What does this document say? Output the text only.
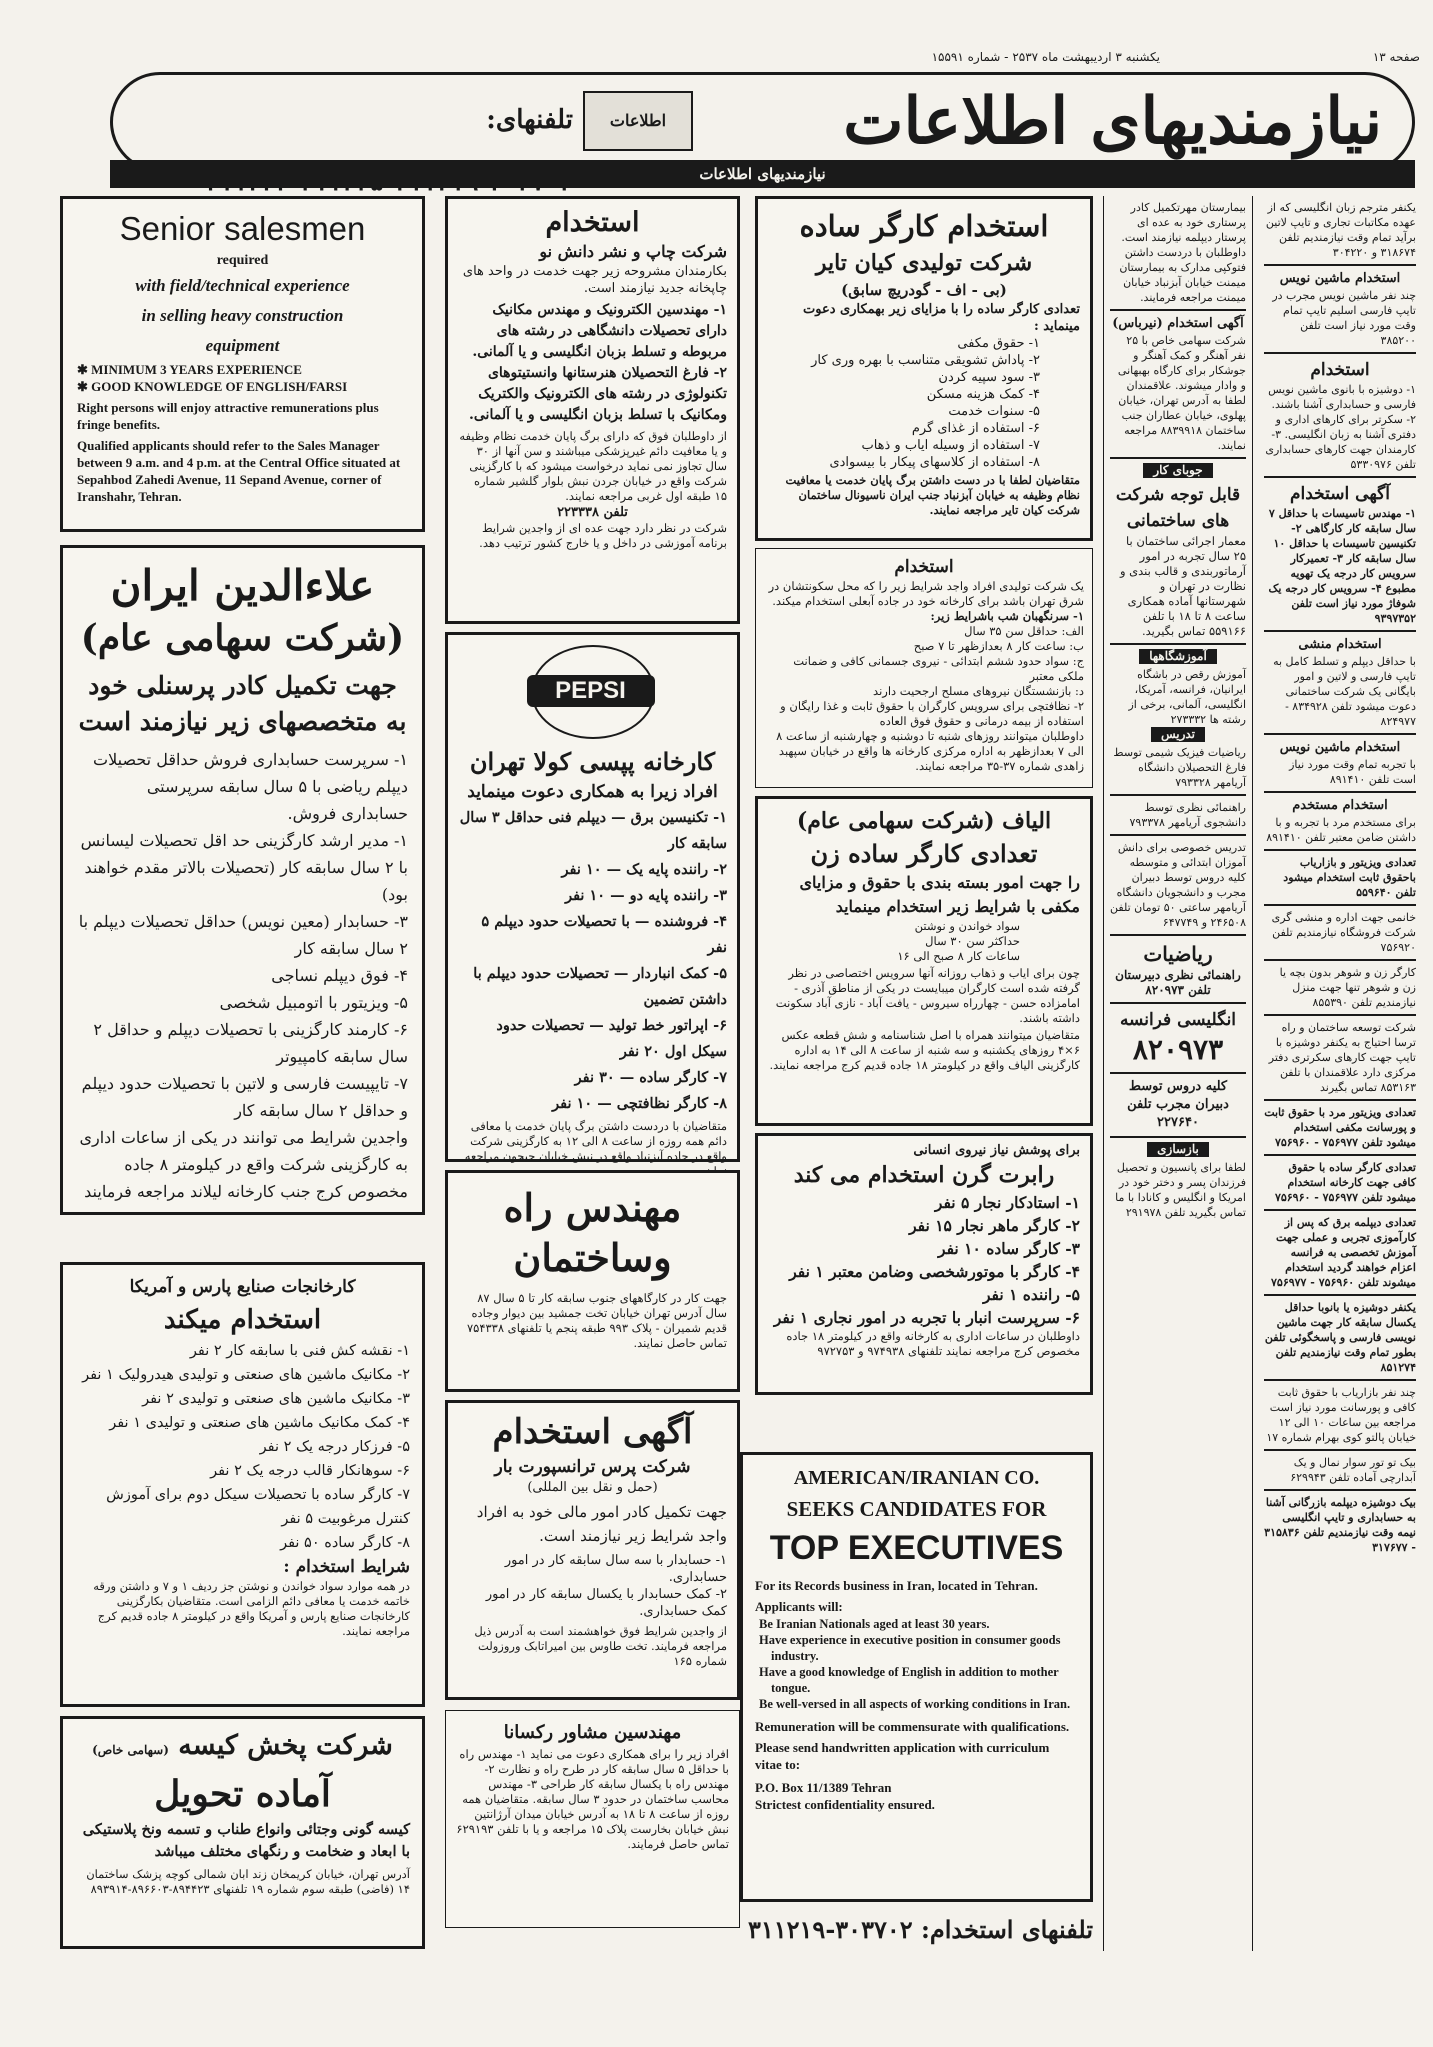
صفحه ۱۳
یکشنبه ۳ اردیبهشت ماه ۲۵۳۷ - شماره ۱۵۵۹۱
نیازمندیهای اطلاعات
اطلاعات
تلفنهای:
نیازمندیهای اطلاعات

Senior salesmen

required

with field/technical experience

in selling heavy construction

equipment

✱ MINIMUM 3 YEARS EXPERIENCE

✱ GOOD KNOWLEDGE OF ENGLISH/FARSI

Right persons will enjoy attractive remunerations plus fringe benefits.

Qualified applicants should refer to the Sales Manager between 9 a.m. and 4 p.m. at the Central Office situated at Sepahbod Zahedi Avenue, 11 Sepand Avenue, corner of Iranshahr, Tehran.

علاءالدین ایران

(شرکت سهامی عام)

جهت تکمیل کادر پرسنلی خود

به متخصصهای زیر نیازمند است

۱- سرپرست حسابداری فروش حداقل تحصیلات دیپلم ریاضی با ۵ سال سابقه سرپرستی حسابداری فروش.

۱- مدیر ارشد کارگزینی حد اقل تحصیلات لیسانس با ۲ سال سابقه کار (تحصیلات بالاتر مقدم خواهند بود)

۳- حسابدار (معین نویس) حداقل تحصیلات دیپلم با ۲ سال سابقه کار

۴- فوق دیپلم نساجی

۵- ویزیتور با اتومبیل شخصی

۶- کارمند کارگزینی با تحصیلات دیپلم و حداقل ۲ سال سابقه کامپیوتر

۷- تایپیست فارسی و لاتین با تحصیلات حدود دیپلم و حداقل ۲ سال سابقه کار

واجدین شرایط می توانند در یکی از ساعات اداری به کارگزینی شرکت واقع در کیلومتر ۸ جاده مخصوص کرج جنب کارخانه لیلاند مراجعه فرمایند

کارخانجات صنایع پارس و آمریکا

استخدام میکند

۱- نقشه کش فنی با سابقه کار ۲ نفر

۲- مکانیک ماشین های صنعتی و تولیدی هیدرولیک ۱ نفر

۳- مکانیک ماشین های صنعتی و تولیدی ۲ نفر

۴- کمک مکانیک ماشین های صنعتی و تولیدی ۱ نفر

۵- فرزکار درجه یک ۲ نفر

۶- سوهانکار قالب درجه یک ۲ نفر

۷- کارگر ساده با تحصیلات سیکل دوم برای آموزش کنترل مرغوبیت ۵ نفر

۸- کارگر ساده ۵۰ نفر

شرایط استخدام :

در همه موارد سواد خواندن و نوشتن جز ردیف ۱ و ۷ و داشتن ورقه خاتمه خدمت یا معافی دائم الزامی است. متقاضیان بکارگزینی کارخانجات صنایع پارس و آمریکا واقع در کیلومتر ۸ جاده قدیم کرج مراجعه نمایند.

شرکت پخش کیسه (سهامی خاص)

آماده تحویل

کیسه گونی وجتائی وانواع طناب و تسمه ونخ پلاستیکی با ابعاد و ضخامت و رنگهای مختلف میباشد

آدرس تهران، خیابان کریمخان زند ابان شمالی کوچه پزشک ساختمان ۱۴ (فاضی) طبقه سوم شماره ۱۹ تلفنهای ۸۹۴۴۲۳-۸۹۶۶۰۳-۸۹۳۹۱۴

استخدام

شرکت چاپ و نشر دانش نو

بکارمندان مشروحه زیر جهت خدمت در واحد های چاپخانه جدید نیازمند است.

۱- مهندسین الکترونیک و مهندس مکانیک دارای تحصیلات دانشگاهی در رشته های مربوطه و تسلط بزبان انگلیسی و یا آلمانی.

۲- فارغ التحصیلان هنرستانها وانستیتوهای تکنولوژی در رشته های الکترونیک والکتریک ومکانیک با تسلط بزبان انگلیسی و یا آلمانی.

از داوطلبان فوق که دارای برگ پایان خدمت نظام وظیفه و یا معافیت دائم غیرپزشکی میباشند و سن آنها از ۳۰ سال تجاوز نمی نماید درخواست میشود که با کارگزینی شرکت واقع در خیابان جردن نبش بلوار گلشیر شماره ۱۵ طبقه اول غربی مراجعه نمایند.

تلفن ۲۲۳۳۳۸

شرکت در نظر دارد جهت عده ای از واجدین شرایط برنامه آموزشی در داخل و یا خارج کشور ترتیب دهد.

PEPSI

کارخانه پپسی کولا تهران

افراد زیرا به همکاری دعوت مینماید

۱- تکنیسین برق — دیپلم فنی حداقل ۳ سال سابقه کار

۲- راننده پایه یک — ۱۰ نفر

۳- راننده پایه دو — ۱۰ نفر

۴- فروشنده — با تحصیلات حدود دیپلم ۵ نفر

۵- کمک انباردار — تحصیلات حدود دیپلم با داشتن تضمین

۶- اپراتور خط تولید — تحصیلات حدود سیکل اول ۲۰ نفر

۷- کارگر ساده — ۳۰ نفر

۸- کارگر نظافتچی — ۱۰ نفر

متقاضیان با دردست داشتن برگ پایان خدمت یا معافی دائم همه روزه از ساعت ۸ الی ۱۲ به کارگزینی شرکت واقع در جاده آبزنباد واقع در نبش خیابان جیحون مراجعه

مهندس راه وساختمان

جهت کار در کارگاههای جنوب سابقه کار تا ۵ سال ۸۷ سال آدرس تهران خیابان تخت جمشید بین دیوار وجاده قدیم شمیران - پلاک ۹۹۳ طبقه پنجم یا تلفنهای ۷۵۴۳۳۸ تماس حاصل نمایند.

آگهی استخدام

شرکت پرس ترانسپورت بار

(حمل و نقل بین المللی)

جهت تکمیل کادر امور مالی خود به افراد واجد شرایط زیر نیازمند است.

۱- حسابدار با سه سال سابقه کار در امور حسابداری.

۲- کمک حسابدار با یکسال سابقه کار در امور کمک حسابداری.

از واجدین شرایط فوق خواهشمند است به آدرس ذیل مراجعه فرمایند. تخت طاوس بین امیراتابک وروزولت شماره ۱۶۵

مهندسین مشاور رکسانا

افراد زیر را برای همکاری دعوت می نماید ۱- مهندس راه با حداقل ۵ سال سابقه کار در طرح راه و نظارت ۲- مهندس راه با یکسال سابقه کار طراحی ۳- مهندس محاسب ساختمان در حدود ۳ سال سابقه. متقاضیان همه روزه از ساعت ۸ تا ۱۸ به آدرس خیابان میدان آرژانتین نبش خیابان بخارست پلاک ۱۵ مراجعه و یا با تلفن ۶۲۹۱۹۳ تماس حاصل فرمایند.

استخدام کارگر ساده

شرکت تولیدی کیان تایر

(بی - اف - گودریچ سابق)

تعدادی کارگر ساده را با مزایای زیر بهمکاری دعوت مینماید :

۱- حقوق مکفی

۲- پاداش تشویقی متناسب با بهره وری کار

۳- سود سپیه کردن

۴- کمک هزینه مسکن

۵- سنوات خدمت

۶- استفاده از غذای گرم

۷- استفاده از وسیله ایاب و ذهاب

۸- استفاده از کلاسهای پیکار با بیسوادی

متقاضیان لطفا با در دست داشتن برگ پایان خدمت یا معافیت نظام وظیفه به خیابان آبزنباد جنب ایران ناسیونال ساختمان شرکت کیان تایر مراجعه نمایند.

استخدام

یک شرکت تولیدی افراد واجد شرایط زیر را که محل سکونتشان در شرق تهران باشد برای کارخانه خود در جاده آبعلی استخدام میکند.

۱- سرنگهبان شب باشرایط زیر:

الف: حداقل سن ۳۵ سال

ب: ساعت کار ۸ بعدازظهر تا ۷ صبح

ج: سواد حدود ششم ابتدائی - نیروی جسمانی کافی و ضمانت ملکی معتبر

د: بازنشستگان نیروهای مسلح ارجحیت دارند

۲- نظافتچی برای سرویس کارگران با حقوق ثابت و غذا رایگان و استفاده از بیمه درمانی و حقوق فوق العاده

داوطلبان میتوانند روزهای شنبه تا دوشنبه و چهارشنبه از ساعت ۸ الی ۷ بعدازظهر به اداره مرکزی کارخانه ها واقع در خیابان سپهبد زاهدی شماره ۳۷-۳۵ مراجعه نمایند.

الیاف (شرکت سهامی عام)

تعدادی کارگر ساده زن

را جهت امور بسته بندی با حقوق و مزایای مکفی با شرایط زیر استخدام مینماید

سواد خواندن و نوشتن

حداکثر سن ۳۰ سال

ساعات کار ۸ صبح الی ۱۶

چون برای ایاب و ذهاب روزانه آنها سرویس اختصاصی در نظر گرفته شده است کارگران میبایست در یکی از مناطق آذری - امامزاده حسن - چهارراه سیروس - یافت آباد - نازی آباد سکونت داشته باشند.

متقاضیان میتوانند همراه با اصل شناسنامه و شش قطعه عکس ۶×۴ روزهای یکشنبه و سه شنبه از ساعت ۸ الی ۱۴ به اداره کارگزینی الیاف واقع در کیلومتر ۱۸ جاده قدیم کرج مراجعه نمایند.

برای پوشش نیاز نیروی انسانی

رابرت گرن استخدام می کند

۱- استادکار نجار ۵ نفر

۲- کارگر ماهر نجار ۱۵ نفر

۳- کارگر ساده ۱۰ نفر

۴- کارگر با موتورشخصی وضامن معتبر ۱ نفر

۵- راننده ۱ نفر

۶- سرپرست انبار با تجربه در امور نجاری ۱ نفر

داوطلبان در ساعات اداری به کارخانه واقع در کیلومتر ۱۸ جاده مخصوص کرج مراجعه نمایند تلفنهای ۹۷۴۹۳۸ و ۹۷۲۷۵۳

AMERICAN/IRANIAN CO.

SEEKS CANDIDATES FOR

TOP EXECUTIVES

For its Records business in Iran, located in Tehran.

Applicants will:

Be Iranian Nationals aged at least 30 years.

Have experience in executive position in consumer goods industry.

Have a good knowledge of English in addition to mother tongue.

Be well-versed in all aspects of working conditions in Iran.

Remuneration will be commensurate with qualifications.

Please send handwritten application with curriculum vitae to:

P.O. Box 11/1389 Tehran

Strictest confidentiality ensured.

تلفنهای استخدام: ۳۰۳۷۰۲-۳۱۱۲۱۹

بیمارستان مهرتکمیل کادر پرستاری خود به عده ای پرستار دیپلمه نیازمند است. داوطلبان با دردست داشتن فتوکپی مدارک به بیمارستان میمنت خیابان آبزنباد خیابان میمنت مراجعه فرمایند.

آگهی استخدام (نیرباس)

شرکت سهامی خاص با ۲۵ نفر آهنگر و کمک آهنگر و جوشکار برای کارگاه بهبهانی و وادار میشوند. علاقمندان لطفا به آدرس تهران، خیابان پهلوی، خیابان عطاران جنب ساختمان ۸۸۳۹۹۱۸ مراجعه نمایند.

جوبای کار

قابل توجه شرکت های ساختمانی

معمار اجرائی ساختمان با ۲۵ سال تجربه در امور آرماتوربندی و قالب بندی و نظارت در تهران و شهرستانها آماده همکاری ساعت ۸ تا ۱۸ با تلفن ۵۵۹۱۶۶ تماس بگیرید.

آموزشگاهها

آموزش رقص در باشگاه ایرانیان، فرانسه، آمریکا، انگلیسی، آلمانی، برخی از رشته ها ۲۷۳۳۳۲

تدریس

ریاضیات فیزیک شیمی توسط فارغ التحصیلان دانشگاه آریامهر ۷۹۳۳۲۸

راهنمائی نظری توسط دانشجوی آریامهر ۷۹۳۳۷۸

تدریس خصوصی برای دانش آموزان ابتدائی و متوسطه کلیه دروس توسط دبیران مجرب و دانشجویان دانشگاه آریامهر ساعتی ۵۰ تومان تلفن ۲۴۶۵۰۸ و ۶۴۷۷۴۹

ریاضیات

راهنمائی نظری دبیرستان تلفن ۸۲۰۹۷۳

انگلیسی فرانسه

۸۲۰۹۷۳

کلیه دروس توسط دبیران مجرب تلفن ۲۲۷۶۴۰

بازسازی

لطفا برای پانسیون و تحصیل فرزندان پسر و دختر خود در امریکا و انگلیس و کانادا با ما تماس بگیرید تلفن ۲۹۱۹۷۸

یکنفر مترجم زبان انگلیسی که از عهده مکاتبات تجاری و تایپ لاتین برآید تمام وقت نیازمندیم تلفن ۳۱۸۶۷۴ و ۳۰۴۲۲۰

استخدام ماشین نویس

چند نفر ماشین نویس مجرب در تایپ فارسی اسلیم تایپ تمام وقت مورد نیاز است تلفن ۳۸۵۲۰۰

استخدام

۱- دوشیزه با بانوی ماشین نویس فارسی و حسابداری آشنا باشند. ۲- سکرتر برای کارهای اداری و دفتری آشنا به زبان انگلیسی. ۳- کارمندان جهت کارهای حسابداری تلفن ۵۳۳۰۹۷۶

آگهی استخدام

۱- مهندس تاسیسات با حداقل ۷ سال سابقه کار کارگاهی ۲- تکنیسین تاسیسات با حداقل ۱۰ سال سابقه کار ۳- تعمیرکار سرویس کار درجه یک تهویه مطبوع ۴- سرویس کار درجه یک شوفاژ مورد نیاز است تلفن ۹۳۹۷۳۵۲

استخدام منشی

با حداقل دیپلم و تسلط کامل به تایپ فارسی و لاتین و امور بایگانی یک شرکت ساختمانی دعوت میشود تلفن ۸۳۴۹۲۸ - ۸۲۴۹۷۷

استخدام ماشین نویس

با تجربه تمام وقت مورد نیاز است تلفن ۸۹۱۴۱۰

استخدام مستخدم

برای مستخدم مرد با تجربه و با داشتن ضامن معتبر تلفن ۸۹۱۴۱۰

تعدادی ویزیتور و بازاریاب باحقوق ثابت استخدام میشود تلفن ۵۵۹۶۴۰

خانمی جهت اداره و منشی گری شرکت فروشگاه نیازمندیم تلفن ۷۵۶۹۲۰

کارگر زن و شوهر بدون بچه یا زن و شوهر تنها جهت منزل نیازمندیم تلفن ۸۵۵۳۹۰

شرکت توسعه ساختمان و راه ترسا احتیاج به یکنفر دوشیزه با تایپ جهت کارهای سکرتری دفتر مرکزی دارد علاقمندان با تلفن ۸۵۳۱۶۳ تماس بگیرند

تعدادی ویزیتور مرد با حقوق ثابت و پورسانت مکفی استخدام میشود تلفن ۷۵۶۹۷۷ - ۷۵۶۹۶۰

تعدادی کارگر ساده با حقوق کافی جهت کارخانه استخدام میشود تلفن ۷۵۶۹۷۷ - ۷۵۶۹۶۰

تعدادی دیپلمه برق که پس از کارآموزی تجربی و عملی جهت آموزش تخصصی به فرانسه اعزام خواهند گردید استخدام میشوند تلفن ۷۵۶۹۶۰ - ۷۵۶۹۷۷

یکنفر دوشیزه یا بانوبا حداقل یکسال سابقه کار جهت ماشین نویسی فارسی و پاسخگوئی تلفن بطور تمام وقت نیازمندیم تلفن ۸۵۱۲۷۴

چند نفر بازاریاب با حقوق ثابت کافی و پورسانت مورد نیاز است مراجعه بین ساعات ۱۰ الی ۱۲ خیابان پالتو کوی بهرام شماره ۱۷

بیک تو تور سوار نمال و یک آبدارچی آماده تلفن ۶۲۹۹۴۳

بیک دوشیزه دیپلمه بازرگانی آشنا به حسابداری و تایپ انگلیسی نیمه وقت نیازمندیم تلفن ۳۱۵۸۳۶ - ۳۱۷۶۷۷
